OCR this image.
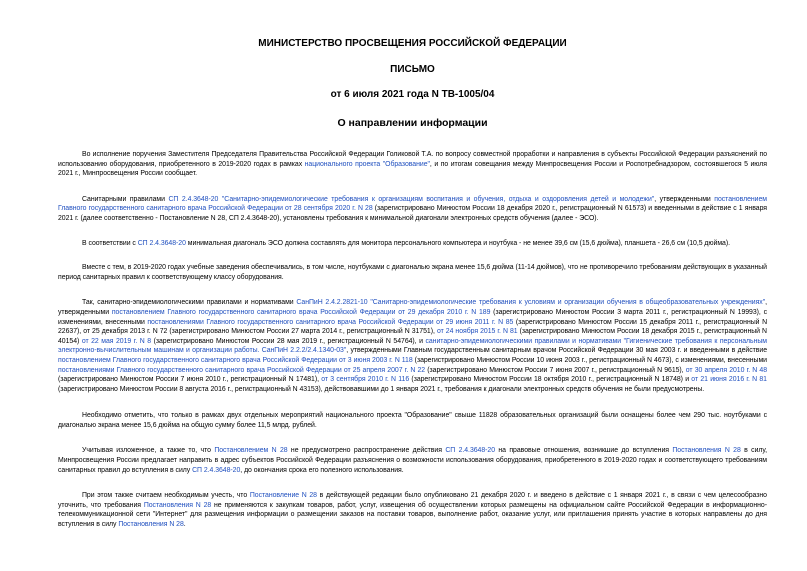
МИНИСТЕРСТВО ПРОСВЕЩЕНИЯ РОССИЙСКОЙ ФЕДЕРАЦИИ
ПИСЬМО
от 6 июля 2021 года N ТВ-1005/04
О направлении информации

Во исполнение поручения Заместителя Председателя Правительства Российской Федерации Голиковой Т.А. по вопросу совместной проработки и направления в субъекты Российской Федерации разъяснений по использованию оборудования, приобретенного в 2019-2020 годах в рамках национального проекта "Образование", и по итогам совещания между Минпросвещения России и Роспотребнадзором, состоявшегося 5 июля 2021 г., Минпросвещения России сообщает.

Санитарными правилами СП 2.4.3648-20 "Санитарно-эпидемиологические требования к организациям воспитания и обучения, отдыха и оздоровления детей и молодежи", утвержденными постановлением Главного государственного санитарного врача Российской Федерации от 28 сентября 2020 г. N 28 (зарегистрировано Минюстом России 18 декабря 2020 г., регистрационный N 61573) и введенными в действие с 1 января 2021 г. (далее соответственно - Постановление N 28, СП 2.4.3648-20), установлены требования к минимальной диагонали электронных средств обучения (далее - ЭСО).

В соответствии с СП 2.4.3648-20 минимальная диагональ ЭСО должна составлять для монитора персонального компьютера и ноутбука - не менее 39,6 см (15,6 дюйма), планшета - 26,6 см (10,5 дюйма).

Вместе с тем, в 2019-2020 годах учебные заведения обеспечивались, в том числе, ноутбуками с диагональю экрана менее 15,6 дюйма (11-14 дюймов), что не противоречило требованиям действующих в указанный период санитарных правил к соответствующему классу оборудования.

Так, санитарно-эпидемиологическими правилами и нормативами СанПиН 2.4.2.2821-10 "Санитарно-эпидемиологические требования к условиям и организации обучения в общеобразовательных учреждениях", утвержденными постановлением Главного государственного санитарного врача Российской Федерации от 29 декабря 2010 г. N 189 (зарегистрировано Минюстом России 3 марта 2011 г., регистрационный N 19993), с изменениями, внесенными постановлениями Главного государственного санитарного врача Российской Федерации от 29 июня 2011 г. N 85 (зарегистрировано Минюстом России 15 декабря 2011 г., регистрационный N 22637), от 25 декабря 2013 г. N 72 (зарегистрировано Минюстом России 27 марта 2014 г., регистрационный N 31751), от 24 ноября 2015 г. N 81 (зарегистрировано Минюстом России 18 декабря 2015 г., регистрационный N 40154) от 22 мая 2019 г. N 8 (зарегистрировано Минюстом России 28 мая 2019 г., регистрационный N 54764), и санитарно-эпидемиологическими правилами и нормативами "Гигиенические требования к персональным электронно-вычислительным машинам и организации работы. СанПиН 2.2.2/2.4.1340-03", утвержденными Главным государственным санитарным врачом Российской Федерации 30 мая 2003 г. и введенными в действие постановлением Главного государственного санитарного врача Российской Федерации от 3 июня 2003 г. N 118 (зарегистрировано Минюстом России 10 июня 2003 г., регистрационный N 4673), с изменениями, внесенными постановлениями Главного государственного санитарного врача Российской Федерации от 25 апреля 2007 г. N 22 (зарегистрировано Минюстом России 7 июня 2007 г., регистрационный N 9615), от 30 апреля 2010 г. N 48 (зарегистрировано Минюстом России 7 июня 2010 г., регистрационный N 17481), от 3 сентября 2010 г. N 116 (зарегистрировано Минюстом России 18 октября 2010 г., регистрационный N 18748) и от 21 июня 2016 г. N 81 (зарегистрировано Минюстом России 8 августа 2016 г., регистрационный N 43153), действовавшими до 1 января 2021 г., требования к диагонали электронных средств обучения не были предусмотрены.

Необходимо отметить, что только в рамках двух отдельных мероприятий национального проекта "Образование" свыше 11828 образовательных организаций были оснащены более чем 290 тыс. ноутбуками с диагональю экрана менее 15,6 дюйма на общую сумму более 11,5 млрд. рублей.

Учитывая изложенное, а также то, что Постановлением N 28 не предусмотрено распространение действия СП 2.4.3648-20 на правовые отношения, возникшие до вступления Постановления N 28 в силу, Минпросвещения России предлагает направить в адрес субъектов Российской Федерации разъяснения о возможности использования оборудования, приобретенного в 2019-2020 годах и соответствующего требованиям санитарных правил до вступления в силу СП 2.4.3648-20, до окончания срока его полезного использования.

При этом также считаем необходимым учесть, что Постановление N 28 в действующей редакции было опубликовано 21 декабря 2020 г. и введено в действие с 1 января 2021 г., в связи с чем целесообразно уточнить, что требования Постановления N 28 не применяются к закупкам товаров, работ, услуг, извещения об осуществлении которых размещены на официальном сайте Российской Федерации в информационно-телекоммуникационной сети "Интернет" для размещения информации о размещении заказов на поставки товаров, выполнение работ, оказание услуг, или приглашения принять участие в которых направлены до дня вступления в силу Постановления N 28.
